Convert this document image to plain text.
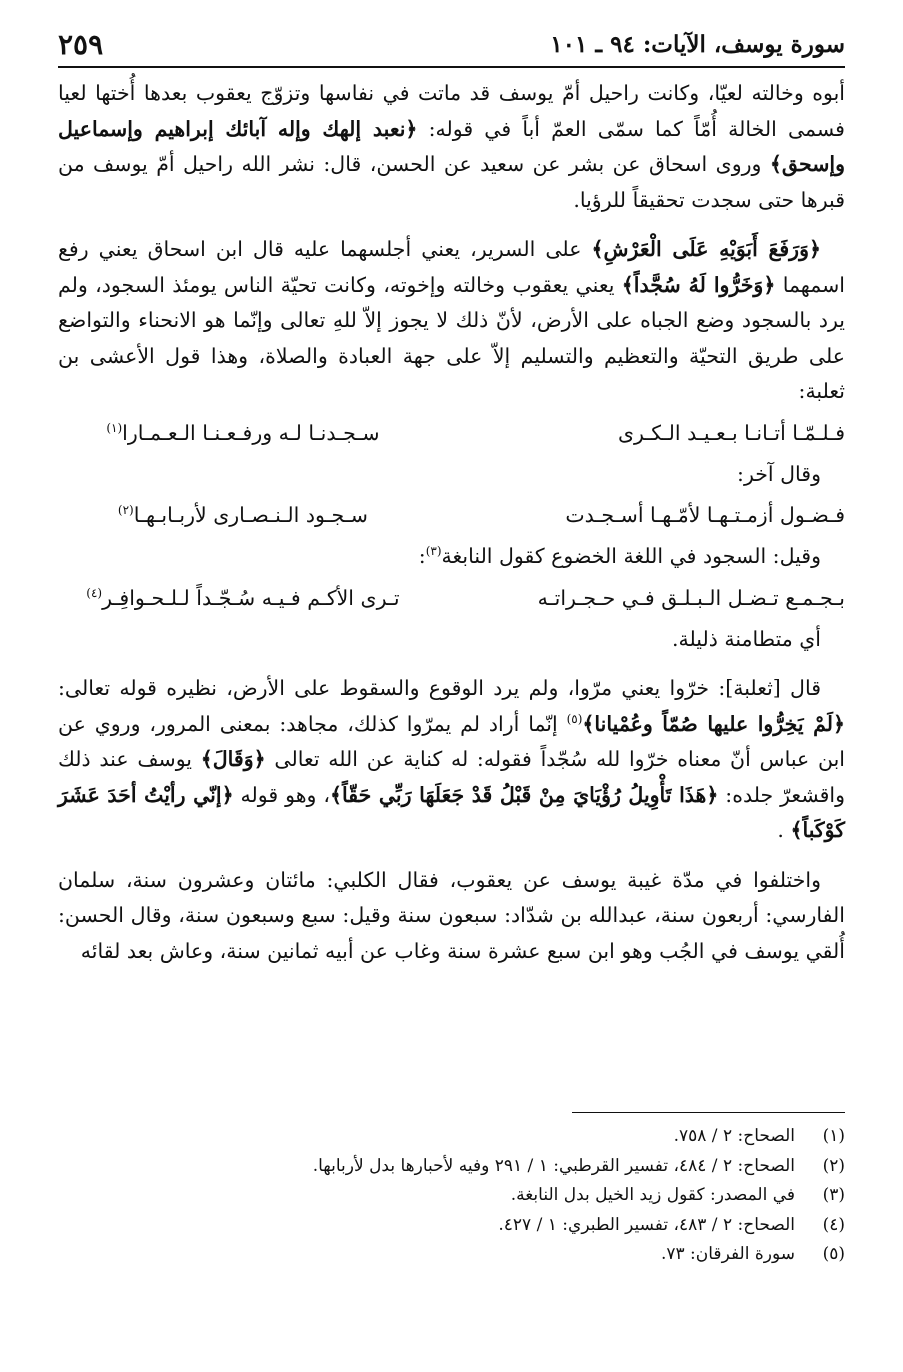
سورة يوسف، الآيات: ٩٤ ـ ١٠١
٢٥٩

أبوه وخالته لعيّا، وكانت راحيل أمّ يوسف قد ماتت في نفاسها وتزوّج يعقوب بعدها أُختها لعيا فسمى الخالة أُمّاً كما سمّى العمّ أباً في قوله: ﴿نعبد إلهك وإله آبائك إبراهيم وإسماعيل وإسحق﴾ وروى اسحاق عن بشر عن سعيد عن الحسن، قال: نشر الله راحيل أمّ يوسف من قبرها حتى سجدت تحقيقاً للرؤيا.

﴿وَرَفَعَ أَبَوَيْهِ عَلَى الْعَرْشِ﴾ على السرير، يعني أجلسهما عليه قال ابن اسحاق يعني رفع اسمهما ﴿وَخَرُّوا لَهُ سُجَّداً﴾ يعني يعقوب وخالته وإخوته، وكانت تحيّة الناس يومئذ السجود، ولم يرد بالسجود وضع الجباه على الأرض، لأنّ ذلك لا يجوز إلاّ للهِ تعالى وإنّما هو الانحناء والتواضع على طريق التحيّة والتعظيم والتسليم إلاّ على جهة العبادة والصلاة، وهذا قول الأعشى بن ثعلبة:

فـلـمّـا أتـانـا بـعـيـد الـكـرى
سـجـدنـا لـه ورفـعـنـا الـعـمـارا$^{(١)}$

وقال آخر:

فـضـول أزمـتـهـا لأمّـهـا أسـجـدت
سـجـود الـنـصـارى لأربـابـهـا$^{(٢)}$

وقيل: السجود في اللغة الخضوع كقول النابغة$^{(٣)}$:

بـجـمـع تـضـل الـبـلـق فـي حـجـراتـه
تـرى الأكـم فـيـه سُـجّـداً لـلـحـوافِـر$^{(٤)}$

أي متطامنة ذليلة.

قال [ثعلبة]: خرّوا يعني مرّوا، ولم يرد الوقوع والسقوط على الأرض، نظيره قوله تعالى: ﴿لَمْ يَخِرُّوا عليها صُمّاً وعُمْيانا﴾$^{(٥)}$ إنّما أراد لم يمرّوا كذلك، مجاهد: بمعنى المرور، وروي عن ابن عباس أنّ معناه خرّوا لله سُجّداً فقوله: له كناية عن الله تعالى ﴿وَقَالَ﴾ يوسف عند ذلك واقشعرّ جلده: ﴿هَذَا تَأْوِيلُ رُؤْيَايَ مِنْ قَبْلُ قَدْ جَعَلَهَا رَبِّي حَقّاً﴾، وهو قوله ﴿إنّي رأيْتُ أحَدَ عَشَرَ كَوْكَباً﴾ .

واختلفوا في مدّة غيبة يوسف عن يعقوب، فقال الكلبي: مائتان وعشرون سنة، سلمان الفارسي: أربعون سنة، عبدالله بن شدّاد: سبعون سنة وقيل: سبع وسبعون سنة، وقال الحسن: أُلقي يوسف في الجُب وهو ابن سبع عشرة سنة وغاب عن أبيه ثمانين سنة، وعاش بعد لقائه

(١)الصحاح: ٢ / ٧٥٨.
(٢)الصحاح: ٢ / ٤٨٤، تفسير القرطبي: ١ / ٢٩١ وفيه لأحبارها بدل لأربابها.
(٣)في المصدر: كقول زيد الخيل بدل النابغة.
(٤)الصحاح: ٢ / ٤٨٣، تفسير الطبري: ١ / ٤٢٧.
(٥)سورة الفرقان: ٧٣.
